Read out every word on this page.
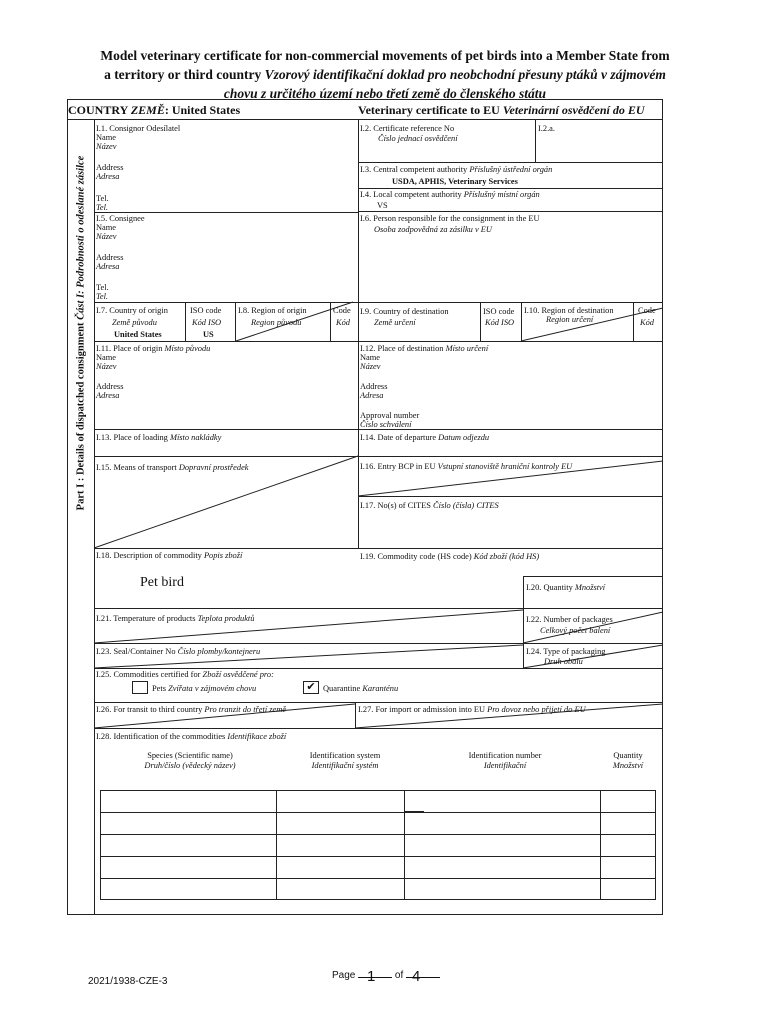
Model veterinary certificate for non-commercial movements of pet birds into a Member State from
a territory or third country Vzorový identifikační doklad pro neobchodní přesuny ptáků v zájmovém
chovu z určitého území nebo třetí země do členského státu
COUNTRY ZEMĚ: United States	Veterinary certificate to EU Veterinární osvědčení do EU
Part I : Details of dispatched consignment Část I: Podrobnosti o odeslané zásilce
I.1. Consignor Odesílatel
Name
Název
Address
Adresa
Tel.
Tel.
I.2. Certificate reference No
Číslo jednací osvědčení
I.2.a.
I.3. Central competent authority Příslušný ústřední orgán
USDA, APHIS, Veterinary Services
I.4. Local competent authority Příslušný místní orgán
VS
I.5. Consignee
Name
Název
Address
Adresa
Tel.
Tel.
I.6. Person responsible for the consignment in the EU
Osoba zodpovědná za zásilku v EU
I.7. Country of origin
Země původu
ISO code
Kód ISO
United States	US
I.8. Region of origin
Region původu
Code
Kód
I.9. Country of destination
Země určení
ISO code
Kód ISO
I.10. Region of destination
Region určení
Code
Kód
I.11. Place of origin Místo původu
Name
Název
Address
Adresa
I.12. Place of destination Místo určení
Name
Název
Address
Adresa
Approval number
Číslo schválení
I.13. Place of loading Místo nakládky	I.14. Date of departure Datum odjezdu
I.15. Means of transport Dopravní prostředek	I.16. Entry BCP in EU Vstupní stanoviště hraniční kontroly EU
I.17. No(s) of CITES Číslo (čísla) CITES
I.18. Description of commodity Popis zboží
Pet bird
I.19. Commodity code (HS code) Kód zboží (kód HS)
I.20. Quantity Množství
I.21. Temperature of products Teplota produktů	I.22. Number of packages
Celkový počet balení
I.23. Seal/Container No Číslo plomby/kontejneru	I.24. Type of packaging
Druh obalu
I.25. Commodities certified for Zboží osvědčené pro:
Pets Zvířata v zájmovém chovu	✔ Quarantine Karanténu
I.26. For transit to third country Pro tranzit do třetí země	I.27. For import or admission into EU Pro dovoz nebo přijetí do EU
I.28. Identification of the commodities Identifikace zboží
Species (Scientific name)
Druh/číslo (vědecký název)
Identification system
Identifikační systém
Identification number
Identifikační
Quantity
Množství
2021/1938-CZE-3
Page	of
1 4
